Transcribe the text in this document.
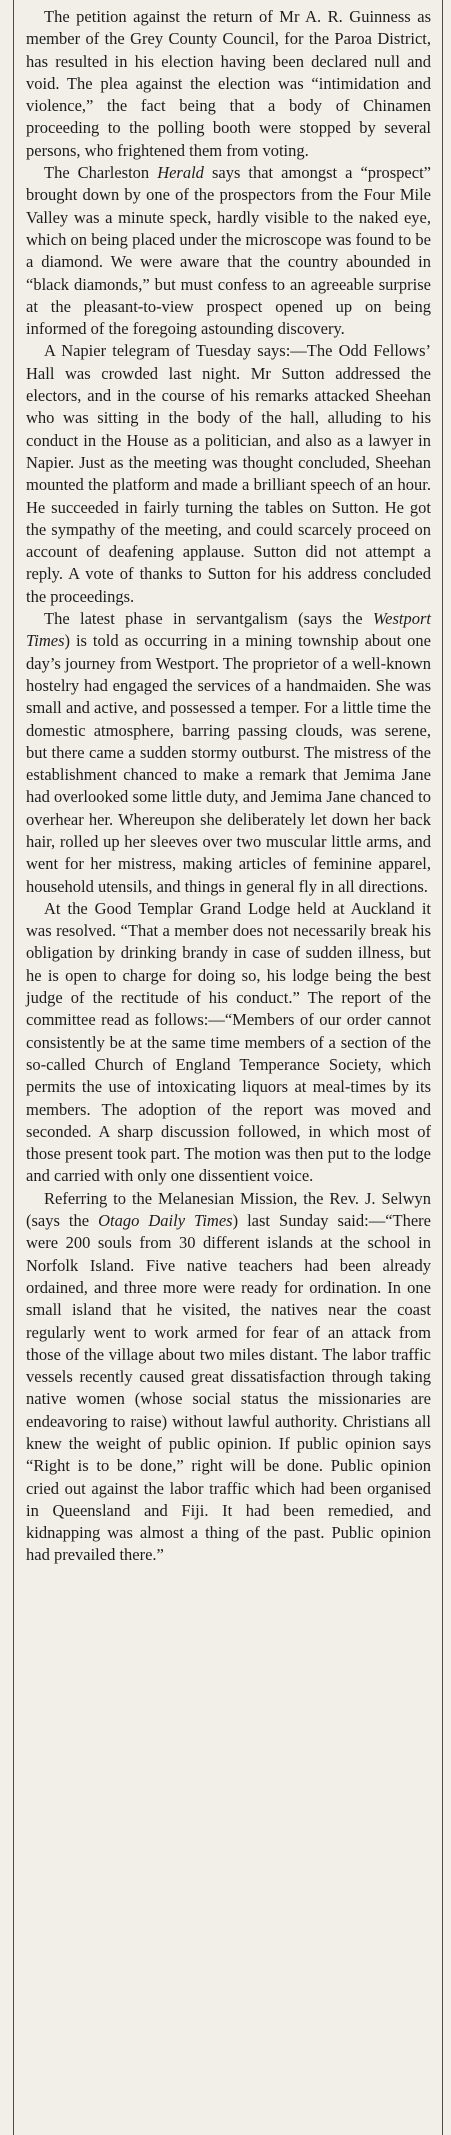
The petition against the return of Mr A. R. Guinness as member of the Grey County Council, for the Paroa District, has resulted in his election having been declared null and void. The plea against the election was “intimidation and violence,” the fact being that a body of Chinamen proceeding to the polling booth were stopped by several persons, who frightened them from voting.

The Charleston Herald says that amongst a “prospect” brought down by one of the prospectors from the Four Mile Valley was a minute speck, hardly visible to the naked eye, which on being placed under the microscope was found to be a diamond. We were aware that the country abounded in “black diamonds,” but must confess to an agreeable surprise at the pleasant-to-view prospect opened up on being informed of the foregoing astounding discovery.

A Napier telegram of Tuesday says:—The Odd Fellows’ Hall was crowded last night. Mr Sutton addressed the electors, and in the course of his remarks attacked Sheehan who was sitting in the body of the hall, alluding to his conduct in the House as a politician, and also as a lawyer in Napier. Just as the meeting was thought concluded, Sheehan mounted the platform and made a brilliant speech of an hour. He succeeded in fairly turning the tables on Sutton. He got the sympathy of the meeting, and could scarcely proceed on account of deafening applause. Sutton did not attempt a reply. A vote of thanks to Sutton for his address concluded the proceedings.

The latest phase in servantgalism (says the Westport Times) is told as occurring in a mining township about one day’s journey from Westport. The proprietor of a well-known hostelry had engaged the services of a handmaiden. She was small and active, and possessed a temper. For a little time the domestic atmosphere, barring passing clouds, was serene, but there came a sudden stormy outburst. The mistress of the establishment chanced to make a remark that Jemima Jane had overlooked some little duty, and Jemima Jane chanced to overhear her. Whereupon she deliberately let down her back hair, rolled up her sleeves over two muscular little arms, and went for her mistress, making articles of feminine apparel, household utensils, and things in general fly in all directions.

At the Good Templar Grand Lodge held at Auckland it was resolved. “That a member does not necessarily break his obligation by drinking brandy in case of sudden illness, but he is open to charge for doing so, his lodge being the best judge of the rectitude of his conduct.” The report of the committee read as follows:—“Members of our order cannot consistently be at the same time members of a section of the so-called Church of England Temperance Society, which permits the use of intoxicating liquors at meal-times by its members. The adoption of the report was moved and seconded. A sharp discussion followed, in which most of those present took part. The motion was then put to the lodge and carried with only one dissentient voice.

Referring to the Melanesian Mission, the Rev. J. Selwyn (says the Otago Daily Times) last Sunday said:—“There were 200 souls from 30 different islands at the school in Norfolk Island. Five native teachers had been already ordained, and three more were ready for ordination. In one small island that he visited, the natives near the coast regularly went to work armed for fear of an attack from those of the village about two miles distant. The labor traffic vessels recently caused great dissatisfaction through taking native women (whose social status the missionaries are endeavoring to raise) without lawful authority. Christians all knew the weight of public opinion. If public opinion says “Right is to be done,” right will be done. Public opinion cried out against the labor traffic which had been organised in Queensland and Fiji. It had been remedied, and kidnapping was almost a thing of the past. Public opinion had prevailed there.”
